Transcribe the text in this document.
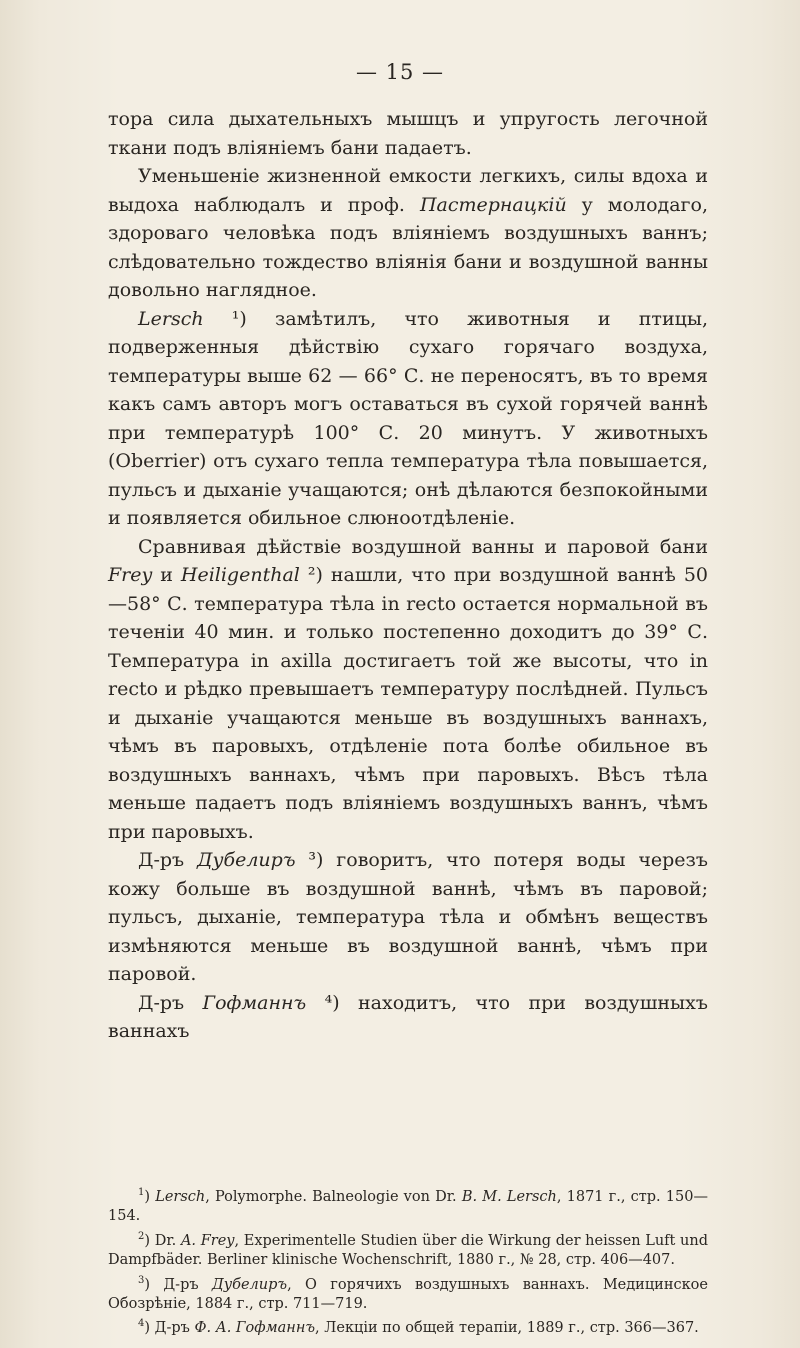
— 15 —

тора сила дыхательныхъ мышцъ и упругость легочной ткани подъ вліяніемъ бани падаетъ.

Уменьшеніе жизненной емкости легкихъ, силы вдоха и выдоха наблюдалъ и проф. Пастернацкій у молодаго, здороваго человѣка подъ вліяніемъ воздушныхъ ваннъ; слѣдовательно тождество вліянія бани и воздушной ванны довольно наглядное.

Lersch ¹) замѣтилъ, что животныя и птицы, подверженныя дѣйствію сухаго горячаго воздуха, температуры выше 62 — 66° С. не переносятъ, въ то время какъ самъ авторъ могъ оставаться въ сухой горячей ваннѣ при температурѣ 100° С. 20 минутъ. У животныхъ (Oberrier) отъ сухаго тепла температура тѣла повышается, пульсъ и дыханіе учащаются; онѣ дѣлаются безпокойными и появляется обильное слюноотдѣленіе.

Сравнивая дѣйствіе воздушной ванны и паровой бани Frey и Heiligenthal ²) нашли, что при воздушной ваннѣ 50—58° С. температура тѣла in recto остается нормальной въ теченіи 40 мин. и только постепенно доходитъ до 39° С. Температура in axilla достигаетъ той же высоты, что in recto и рѣдко превышаетъ температуру послѣдней. Пульсъ и дыханіе учащаются меньше въ воздушныхъ ваннахъ, чѣмъ въ паровыхъ, отдѣленіе пота болѣе обильное въ воздушныхъ ваннахъ, чѣмъ при паровыхъ. Вѣсъ тѣла меньше падаетъ подъ вліяніемъ воздушныхъ ваннъ, чѣмъ при паровыхъ.

Д-ръ Дубелиръ ³) говоритъ, что потеря воды черезъ кожу больше въ воздушной ваннѣ, чѣмъ въ паровой; пульсъ, дыханіе, температура тѣла и обмѣнъ веществъ измѣняются меньше въ воздушной ваннѣ, чѣмъ при паровой.

Д-ръ Гофманнъ ⁴) находитъ, что при воздушныхъ ваннахъ

$^1$) Lersch, Polymorphe. Balneologie von Dr. B. M. Lersch, 1871 г., стр. 150—154.

$^2$) Dr. A. Frey, Experimentelle Studien über die Wirkung der heissen Luft und Dampfbäder. Berliner klinische Wochenschrift, 1880 г., № 28, стр. 406—407.

$^3$) Д-ръ Дубелиръ, О горячихъ воздушныхъ ваннахъ. Медицинское Обозрѣніе, 1884 г., стр. 711—719.

$^4$) Д-ръ Ф. А. Гофманнъ, Лекціи по общей терапіи, 1889 г., стр. 366—367.
